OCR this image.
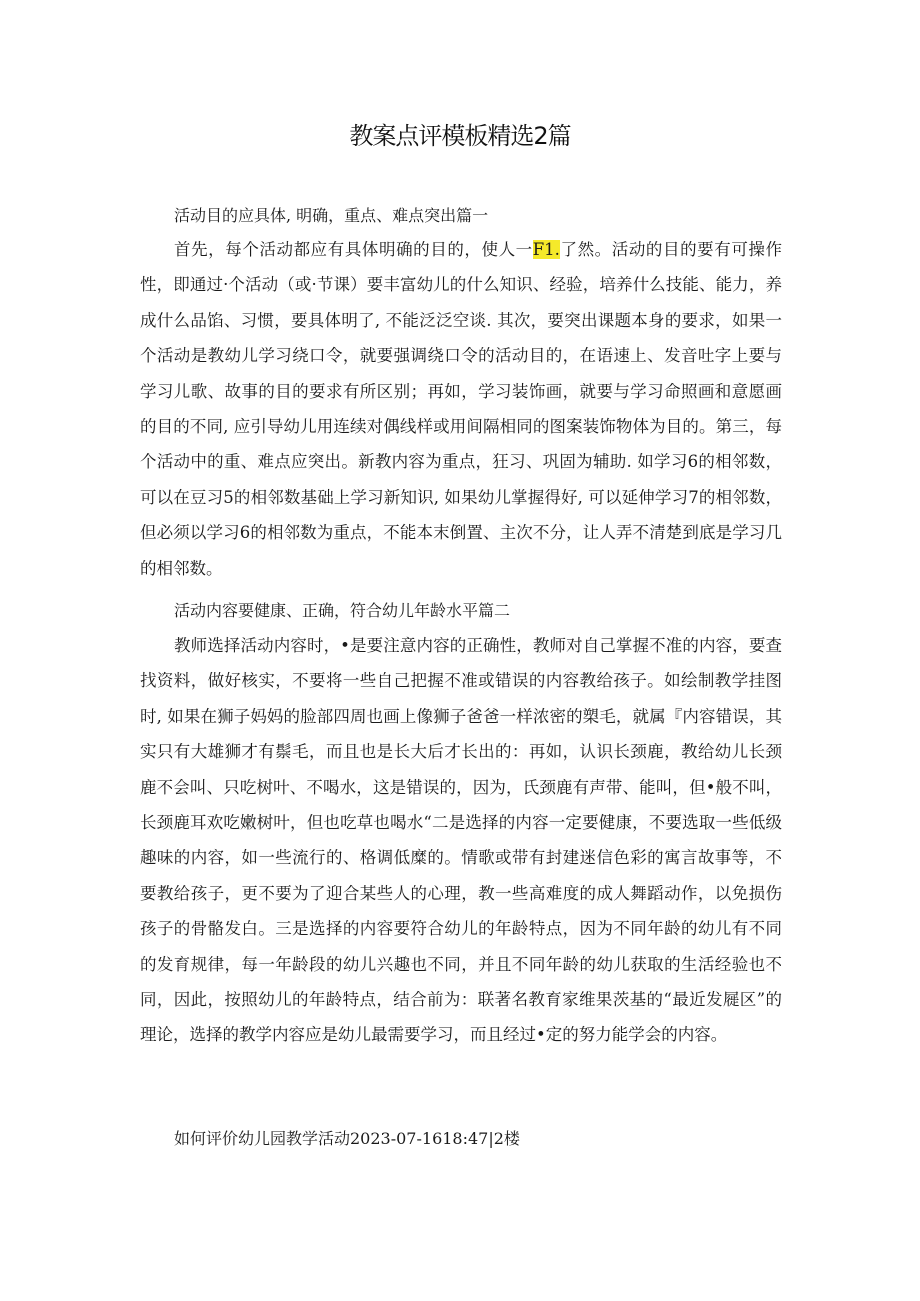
教案点评模板精选2篇
活动目的应具体, 明确，重点、难点突出篇一
首先，每个活动都应有具体明确的目的，使人一F1.了然。活动的目的要有可操作性，即通过·个活动（或·节课）要丰富幼儿的什么知识、经验，培养什么技能、能力，养成什么品馅、习惯，要具体明了, 不能泛泛空谈. 其次，要突出课题本身的要求，如果一个活动是教幼儿学习绕口令，就要强调绕口令的活动目的，在语速上、发音吐字上要与学习儿歌、故事的目的要求有所区别；再如，学习装饰画，就要与学习命照画和意愿画的目的不同, 应引导幼儿用连续对偶线样或用间隔相同的图案装饰物体为目的。第三，每个活动中的重、难点应突出。新教内容为重点，狂习、巩固为辅助. 如学习6的相邻数，可以在豆习5的相邻数基础上学习新知识, 如果幼儿掌握得好, 可以延伸学习7的相邻数，但必须以学习6的相邻数为重点，不能本末倒置、主次不分，让人弄不清楚到底是学习几的相邻数。
活动内容要健康、正确，符合幼儿年龄水平篇二
教师选择活动内容时，•是要注意内容的正确性，教师对自己掌握不准的内容，要查找资料，做好核实，不要将一些自己把握不准或错误的内容教给孩子。如绘制教学挂图时, 如果在狮子妈妈的脸部四周也画上像狮子爸爸一样浓密的槊毛，就属『内容错误，其实只有大雄狮才有鬃毛，而且也是长大后才长出的：再如，认识长颈鹿，教给幼儿长颈鹿不会叫、只吃树叶、不喝水，这是错误的，因为，氏颈鹿有声带、能叫，但•般不叫，长颈鹿耳欢吃嫩树叶，但也吃草也喝水“二是选择的内容一定要健康，不要选取一些低级趣味的内容，如一些流行的、格调低糜的。情歌或带有封建迷信色彩的寓言故事等，不要教给孩子，更不要为了迎合某些人的心理，教一些高难度的成人舞蹈动作，以免损伤孩子的骨骼发白。三是选择的内容要符合幼儿的年龄特点，因为不同年龄的幼儿有不同的发育规律，每一年龄段的幼儿兴趣也不同，并且不同年龄的幼儿获取的生活经验也不同，因此，按照幼儿的年龄特点，结合前为：联著名教育家维果茨基的“最近发屣区”的理论，选择的教学内容应是幼儿最需要学习，而且经过•定的努力能学会的内容。
如何评价幼儿园教学活动2023-07-1618:47|2楼
